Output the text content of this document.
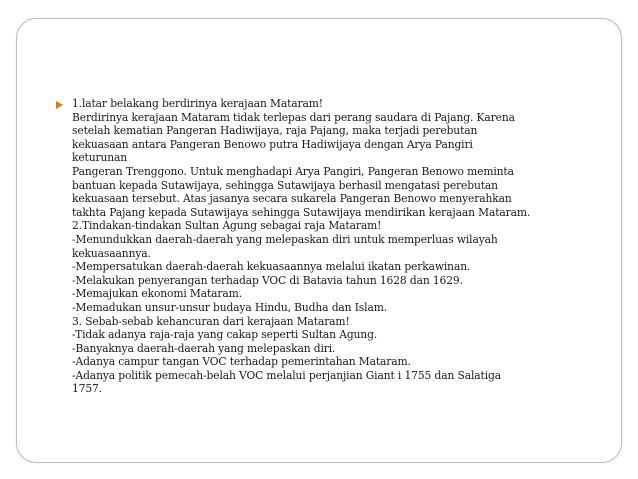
1.latar belakang berdirinya kerajaan Mataram!
Berdirinya kerajaan Mataram tidak terlepas dari perang saudara di Pajang. Karena
setelah kematian Pangeran Hadiwijaya, raja Pajang, maka terjadi perebutan
kekuasaan antara Pangeran Benowo putra Hadiwijaya dengan Arya Pangiri
keturunan
Pangeran Trenggono. Untuk menghadapi Arya Pangiri, Pangeran Benowo meminta
bantuan kepada Sutawijaya, sehingga Sutawijaya berhasil mengatasi perebutan
kekuasaan tersebut. Atas jasanya secara sukarela Pangeran Benowo menyerahkan
takhta Pajang kepada Sutawijaya sehingga Sutawijaya mendirikan kerajaan Mataram.
2.Tindakan-tindakan Sultan Agung sebagai raja Mataram!
-Menundukkan daerah-daerah yang melepaskan diri untuk memperluas wilayah
kekuasaannya.
-Mempersatukan daerah-daerah kekuasaannya melalui ikatan perkawinan.
-Melakukan penyerangan terhadap VOC di Batavia tahun 1628 dan 1629.
-Memajukan ekonomi Mataram.
-Memadukan unsur-unsur budaya Hindu, Budha dan Islam.
3. Sebab-sebab kehancuran dari kerajaan Mataram!
-Tidak adanya raja-raja yang cakap seperti Sultan Agung.
-Banyaknya daerah-daerah yang melepaskan diri.
-Adanya campur tangan VOC terhadap pemerintahan Mataram.
-Adanya politik pemecah-belah VOC melalui perjanjian Giant i 1755 dan Salatiga
1757.
